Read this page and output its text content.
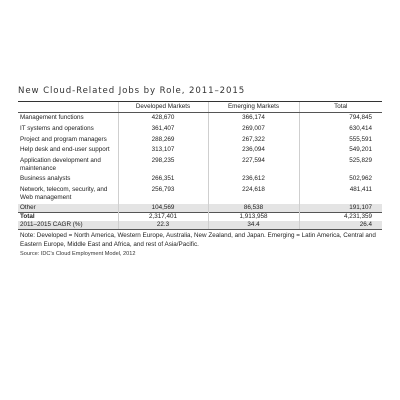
New Cloud-Related Jobs by Role, 2011–2015
	Developed Markets	Emerging Markets	Total
Management functions	428,670	366,174	794,845
IT systems and operations	361,407	269,007	630,414
Project and program managers	288,269	267,322	555,591
Help desk and end-user support	313,107	236,094	549,201
Application development and maintenance	298,235	227,594	525,829
Business analysts	266,351	236,612	502,962
Network, telecom, security, and Web management	256,793	224,618	481,411
Other	104,569	86,538	191,107
Total	2,317,401	1,913,958	4,231,359
2011–2015 CAGR (%)	22.3	34.4	26.4
Note: Developed = North America, Western Europe, Australia, New Zealand, and Japan. Emerging = Latin America, Central and Eastern Europe, Middle East and Africa, and rest of Asia/Pacific.
Source: IDC's Cloud Employment Model, 2012
